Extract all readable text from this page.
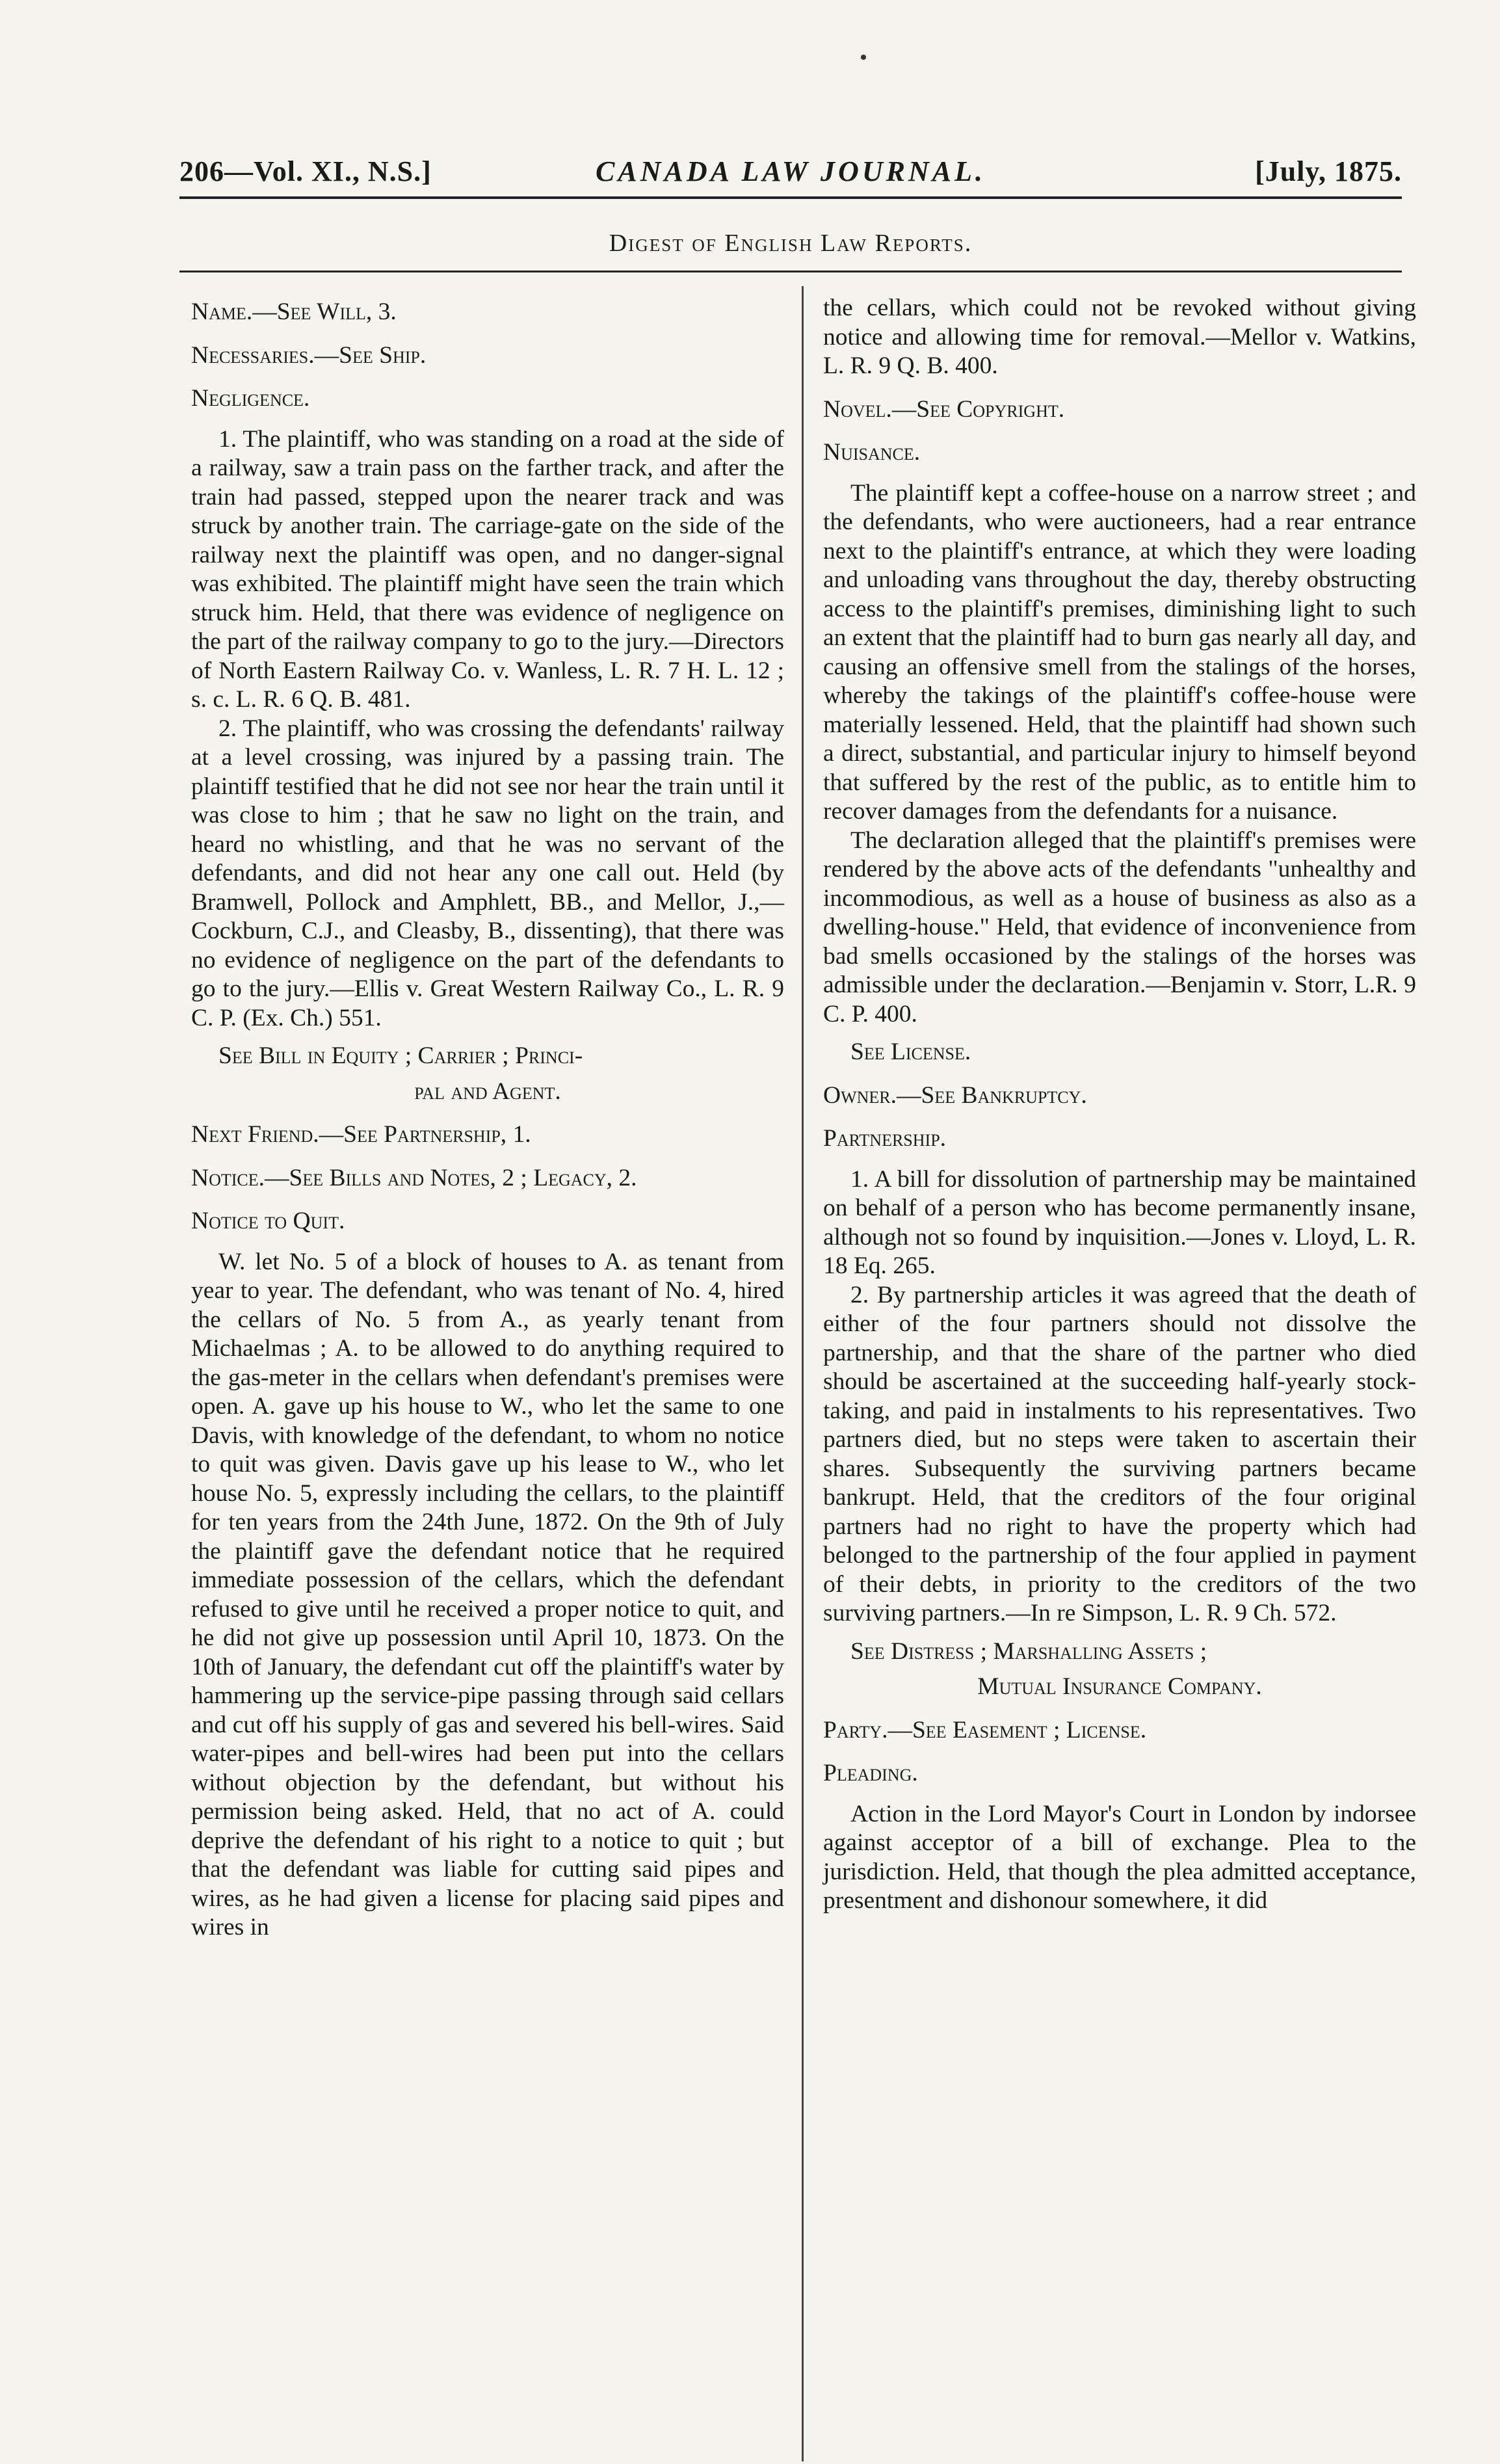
CANADA LAW JOURNAL.
206—Vol. XI., N.S.]	[July, 1875.
Digest of English Law Reports.

Name.—See Will, 3.

Necessaries.—See Ship.

Negligence.

1. The plaintiff, who was standing on a road at the side of a railway, saw a train pass on the farther track, and after the train had passed, stepped upon the nearer track and was struck by another train. The carriage-gate on the side of the railway next the plaintiff was open, and no danger-signal was exhibited. The plaintiff might have seen the train which struck him. Held, that there was evidence of negligence on the part of the railway company to go to the jury.—Directors of North Eastern Railway Co. v. Wanless, L. R. 7 H. L. 12 ; s. c. L. R. 6 Q. B. 481.

2. The plaintiff, who was crossing the defendants' railway at a level crossing, was injured by a passing train. The plaintiff testified that he did not see nor hear the train until it was close to him ; that he saw no light on the train, and heard no whistling, and that he was no servant of the defendants, and did not hear any one call out. Held (by Bramwell, Pollock and Amphlett, BB., and Mellor, J.,—Cockburn, C.J., and Cleasby, B., dissenting), that there was no evidence of negligence on the part of the defendants to go to the jury.—Ellis v. Great Western Railway Co., L. R. 9 C. P. (Ex. Ch.) 551.

See Bill in Equity ; Carrier ; Princi-

pal and Agent.

Next Friend.—See Partnership, 1.

Notice.—See Bills and Notes, 2 ; Legacy, 2.

Notice to Quit.

W. let No. 5 of a block of houses to A. as tenant from year to year. The defendant, who was tenant of No. 4, hired the cellars of No. 5 from A., as yearly tenant from Michaelmas ; A. to be allowed to do anything required to the gas-meter in the cellars when defendant's premises were open. A. gave up his house to W., who let the same to one Davis, with knowledge of the defendant, to whom no notice to quit was given. Davis gave up his lease to W., who let house No. 5, expressly including the cellars, to the plaintiff for ten years from the 24th June, 1872. On the 9th of July the plaintiff gave the defendant notice that he required immediate possession of the cellars, which the defendant refused to give until he received a proper notice to quit, and he did not give up possession until April 10, 1873. On the 10th of January, the defendant cut off the plaintiff's water by hammering up the service-pipe passing through said cellars and cut off his supply of gas and severed his bell-wires. Said water-pipes and bell-wires had been put into the cellars without objection by the defendant, but without his permission being asked. Held, that no act of A. could deprive the defendant of his right to a notice to quit ; but that the defendant was liable for cutting said pipes and wires, as he had given a license for placing said pipes and wires in

the cellars, which could not be revoked without giving notice and allowing time for removal.—Mellor v. Watkins, L. R. 9 Q. B. 400.

Novel.—See Copyright.

Nuisance.

The plaintiff kept a coffee-house on a narrow street ; and the defendants, who were auctioneers, had a rear entrance next to the plaintiff's entrance, at which they were loading and unloading vans throughout the day, thereby obstructing access to the plaintiff's premises, diminishing light to such an extent that the plaintiff had to burn gas nearly all day, and causing an offensive smell from the stalings of the horses, whereby the takings of the plaintiff's coffee-house were materially lessened. Held, that the plaintiff had shown such a direct, substantial, and particular injury to himself beyond that suffered by the rest of the public, as to entitle him to recover damages from the defendants for a nuisance.

The declaration alleged that the plaintiff's premises were rendered by the above acts of the defendants "unhealthy and incommodious, as well as a house of business as also as a dwelling-house." Held, that evidence of inconvenience from bad smells occasioned by the stalings of the horses was admissible under the declaration.—Benjamin v. Storr, L.R. 9 C. P. 400.

See License.

Owner.—See Bankruptcy.

Partnership.

1. A bill for dissolution of partnership may be maintained on behalf of a person who has become permanently insane, although not so found by inquisition.—Jones v. Lloyd, L. R. 18 Eq. 265.

2. By partnership articles it was agreed that the death of either of the four partners should not dissolve the partnership, and that the share of the partner who died should be ascertained at the succeeding half-yearly stock-taking, and paid in instalments to his representatives. Two partners died, but no steps were taken to ascertain their shares. Subsequently the surviving partners became bankrupt. Held, that the creditors of the four original partners had no right to have the property which had belonged to the partnership of the four applied in payment of their debts, in priority to the creditors of the two surviving partners.—In re Simpson, L. R. 9 Ch. 572.

See Distress ; Marshalling Assets ;

Mutual Insurance Company.

Party.—See Easement ; License.

Pleading.

Action in the Lord Mayor's Court in London by indorsee against acceptor of a bill of exchange. Plea to the jurisdiction. Held, that though the plea admitted acceptance, presentment and dishonour somewhere, it did
